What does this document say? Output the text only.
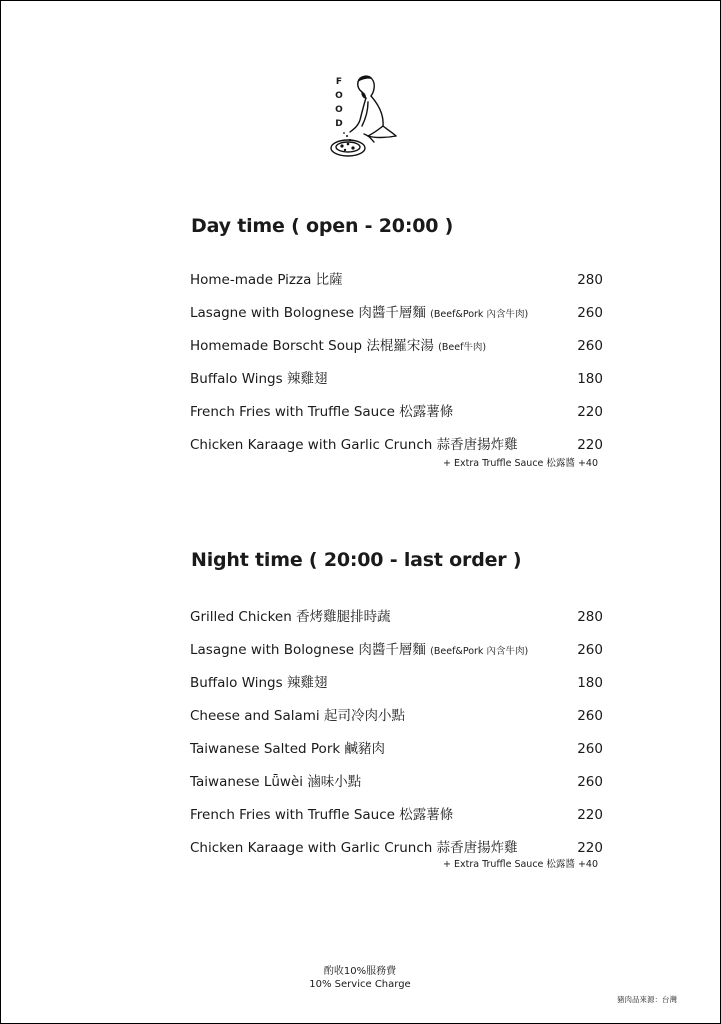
F
O
O
D
Day time ( open - 20:00 )
Home-made Pizza 比薩	280
Lasagne with Bolognese 肉醬千層麵 (Beef&Pork 內含牛肉)	260
Homemade Borscht Soup 法棍羅宋湯 (Beef牛肉)	260
Buffalo Wings 辣雞翅	180
French Fries with Truffle Sauce 松露薯條	220
Chicken Karaage with Garlic Crunch 蒜香唐揚炸雞	220
+ Extra Truffle Sauce 松露醬 +40
Night time ( 20:00 - last order )
Grilled Chicken 香烤雞腿排時蔬	280
Lasagne with Bolognese 肉醬千層麵 (Beef&Pork 內含牛肉)	260
Buffalo Wings 辣雞翅	180
Cheese and Salami 起司冷肉小點	260
Taiwanese Salted Pork 鹹豬肉	260
Taiwanese Lǖwèi 滷味小點	260
French Fries with Truffle Sauce 松露薯條	220
Chicken Karaage with Garlic Crunch 蒜香唐揚炸雞	220
+ Extra Truffle Sauce 松露醬 +40
酌收10%服務費
10% Service Charge
豬肉品來源：台灣
